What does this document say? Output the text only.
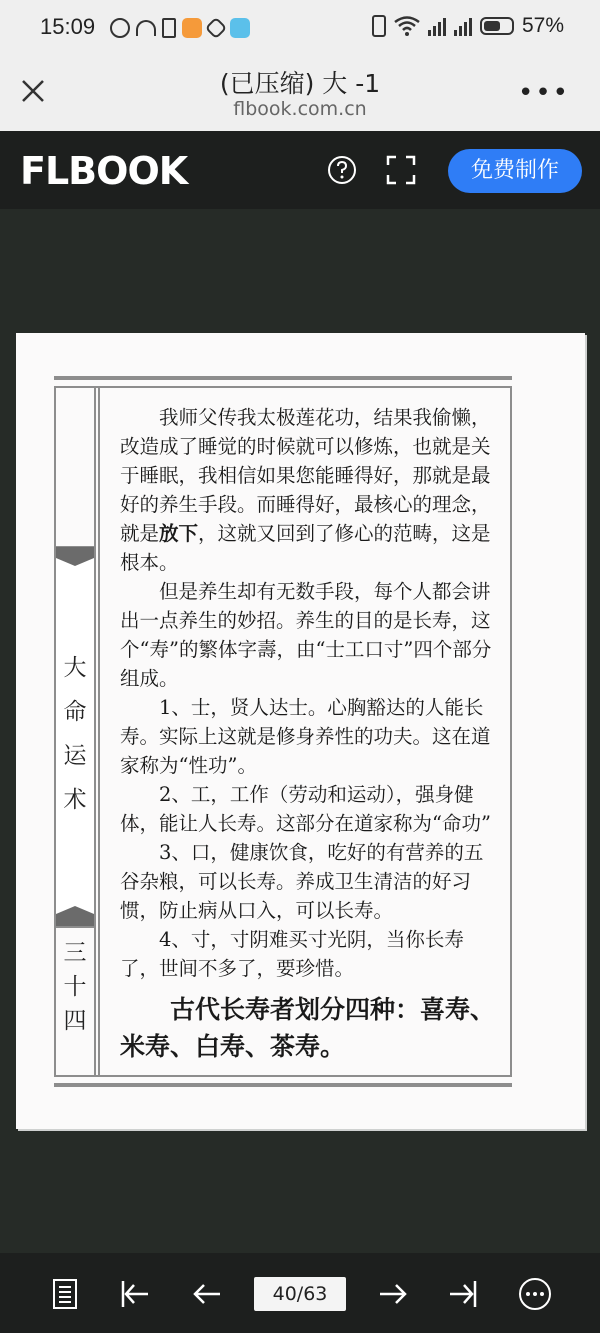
15:09	57%
(已压缩) 大 -1
flbook.com.cn
•••
FLBOOK	免费制作
大
命
运
术
三
十
四

我师父传我太极莲花功，结果我偷懒，改造成了睡觉的时候就可以修炼，也就是关于睡眠，我相信如果您能睡得好，那就是最好的养生手段。而睡得好，最核心的理念，就是放下，这就又回到了修心的范畴，这是根本。

但是养生却有无数手段，每个人都会讲出一点养生的妙招。养生的目的是长寿，这个“寿”的繁体字壽，由“士工口寸”四个部分组成。

1、士，贤人达士。心胸豁达的人能长寿。实际上这就是修身养性的功夫。这在道家称为“性功”。

2、工，工作（劳动和运动），强身健体，能让人长寿。这部分在道家称为“命功”

3、口，健康饮食，吃好的有营养的五谷杂粮，可以长寿。养成卫生清洁的好习惯，防止病从口入，可以长寿。

4、寸，寸阴难买寸光阴，当你长寿了，世间不多了，要珍惜。

古代长寿者划分四种：喜寿、米寿、白寿、茶寿。

40/63
